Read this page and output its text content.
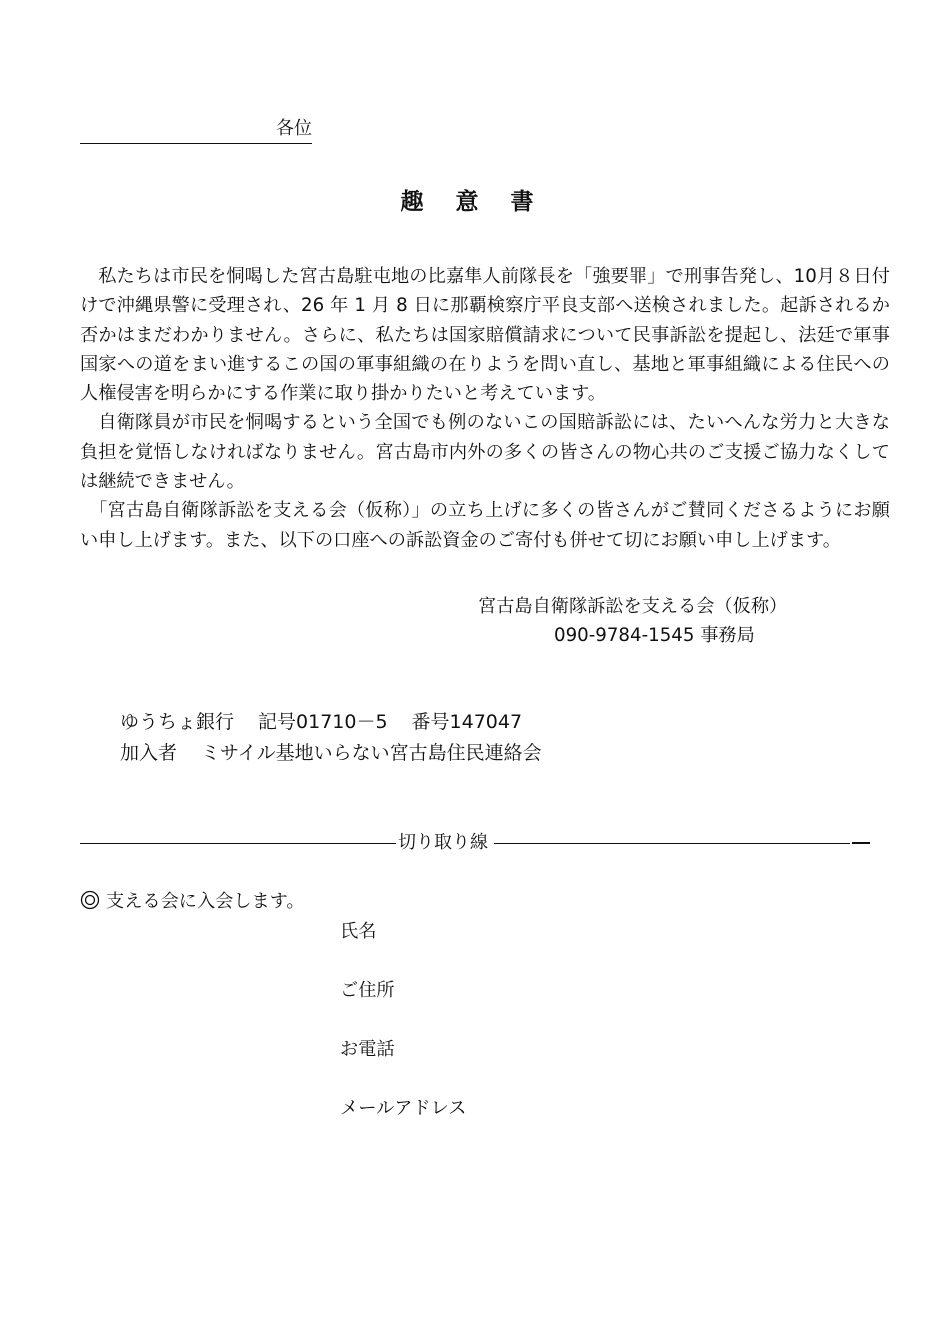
各位
趣 意 書

私たちは市民を恫喝した宮古島駐屯地の比嘉隼人前隊長を「強要罪」で刑事告発し、10月８日付けで沖縄県警に受理され、26 年 1 月 8 日に那覇検察庁平良支部へ送検されました。起訴されるか否かはまだわかりません。さらに、私たちは国家賠償請求について民事訴訟を提起し、法廷で軍事国家への道をまい進するこの国の軍事組織の在りようを問い直し、基地と軍事組織による住民への人権侵害を明らかにする作業に取り掛かりたいと考えています。

自衛隊員が市民を恫喝するという全国でも例のないこの国賠訴訟には、たいへんな労力と大きな負担を覚悟しなければなりません。宮古島市内外の多くの皆さんの物心共のご支援ご協力なくしては継続できません。

「宮古島自衛隊訴訟を支える会（仮称）」の立ち上げに多くの皆さんがご賛同くださるようにお願い申し上げます。また、以下の口座への訴訟資金のご寄付も併せて切にお願い申し上げます。

宮古島自衛隊訴訟を支える会（仮称）
090-9784-1545 事務局
ゆうちょ銀行 記号01710－5 番号147047
加入者 ミサイル基地いらない宮古島住民連絡会
切り取り線
支える会に入会します。
氏名
ご住所
お電話
メールアドレス
